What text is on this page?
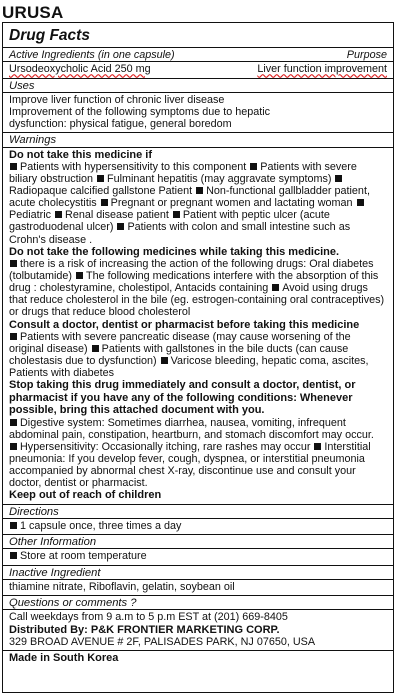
URUSA
Drug Facts
Active Ingredients (in one capsule)	Purpose
Ursodeoxycholic Acid 250 mg	Liver function improvement
Uses

Improve liver function of chronic liver disease

Improvement of the following symptoms due to hepatic

dysfunction: physical fatigue, general boredom

Warnings

Do not take this medicine if

Patients with hypersensitivity to this component Patients with severe biliary obstruction Fulminant hepatitis (may aggravate symptoms) Radiopaque calcified gallstone Patient Non-functional gallbladder patient, acute cholecystitis Pregnant or pregnant women and lactating woman Pediatric Renal disease patient Patient with peptic ulcer (acute gastroduodenal ulcer) Patients with colon and small intestine such as Crohn's disease .

Do not take the following medicines while taking this medicine.

there is a risk of increasing the action of the following drugs: Oral diabetes (tolbutamide) The following medications interfere with the absorption of this drug : cholestyramine, cholestipol, Antacids containing Avoid using drugs that reduce cholesterol in the bile (eg. estrogen-containing oral contraceptives) or drugs that reduce blood cholesterol

Consult a doctor, dentist or pharmacist before taking this medicine

Patients with severe pancreatic disease (may cause worsening of the original disease) Patients with gallstones in the bile ducts (can cause cholestasis due to dysfunction) Varicose bleeding, hepatic coma, ascites, Patients with diabetes

Stop taking this drug immediately and consult a doctor, dentist, or pharmacist if you have any of the following conditions: Whenever possible, bring this attached document with you.

Digestive system: Sometimes diarrhea, nausea, vomiting, infrequent abdominal pain, constipation, heartburn, and stomach discomfort may occur. Hypersensitivity: Occasionally itching, rare rashes may occur Interstitial pneumonia: If you develop fever, cough, dyspnea, or interstitial pneumonia accompanied by abnormal chest X-ray, discontinue use and consult your doctor, dentist or pharmacist.

Keep out of reach of children

Directions

1 capsule once, three times a day

Other Information

Store at room temperature

Inactive Ingredient

thiamine nitrate, Riboflavin, gelatin, soybean oil

Questions or comments ?

Call weekdays from 9 a.m to 5 p.m EST at (201) 669-8405

Distributed By: P&K FRONTIER MARKETING CORP.

329 BROAD AVENUE # 2F, PALISADES PARK, NJ 07650, USA

Made in South Korea
